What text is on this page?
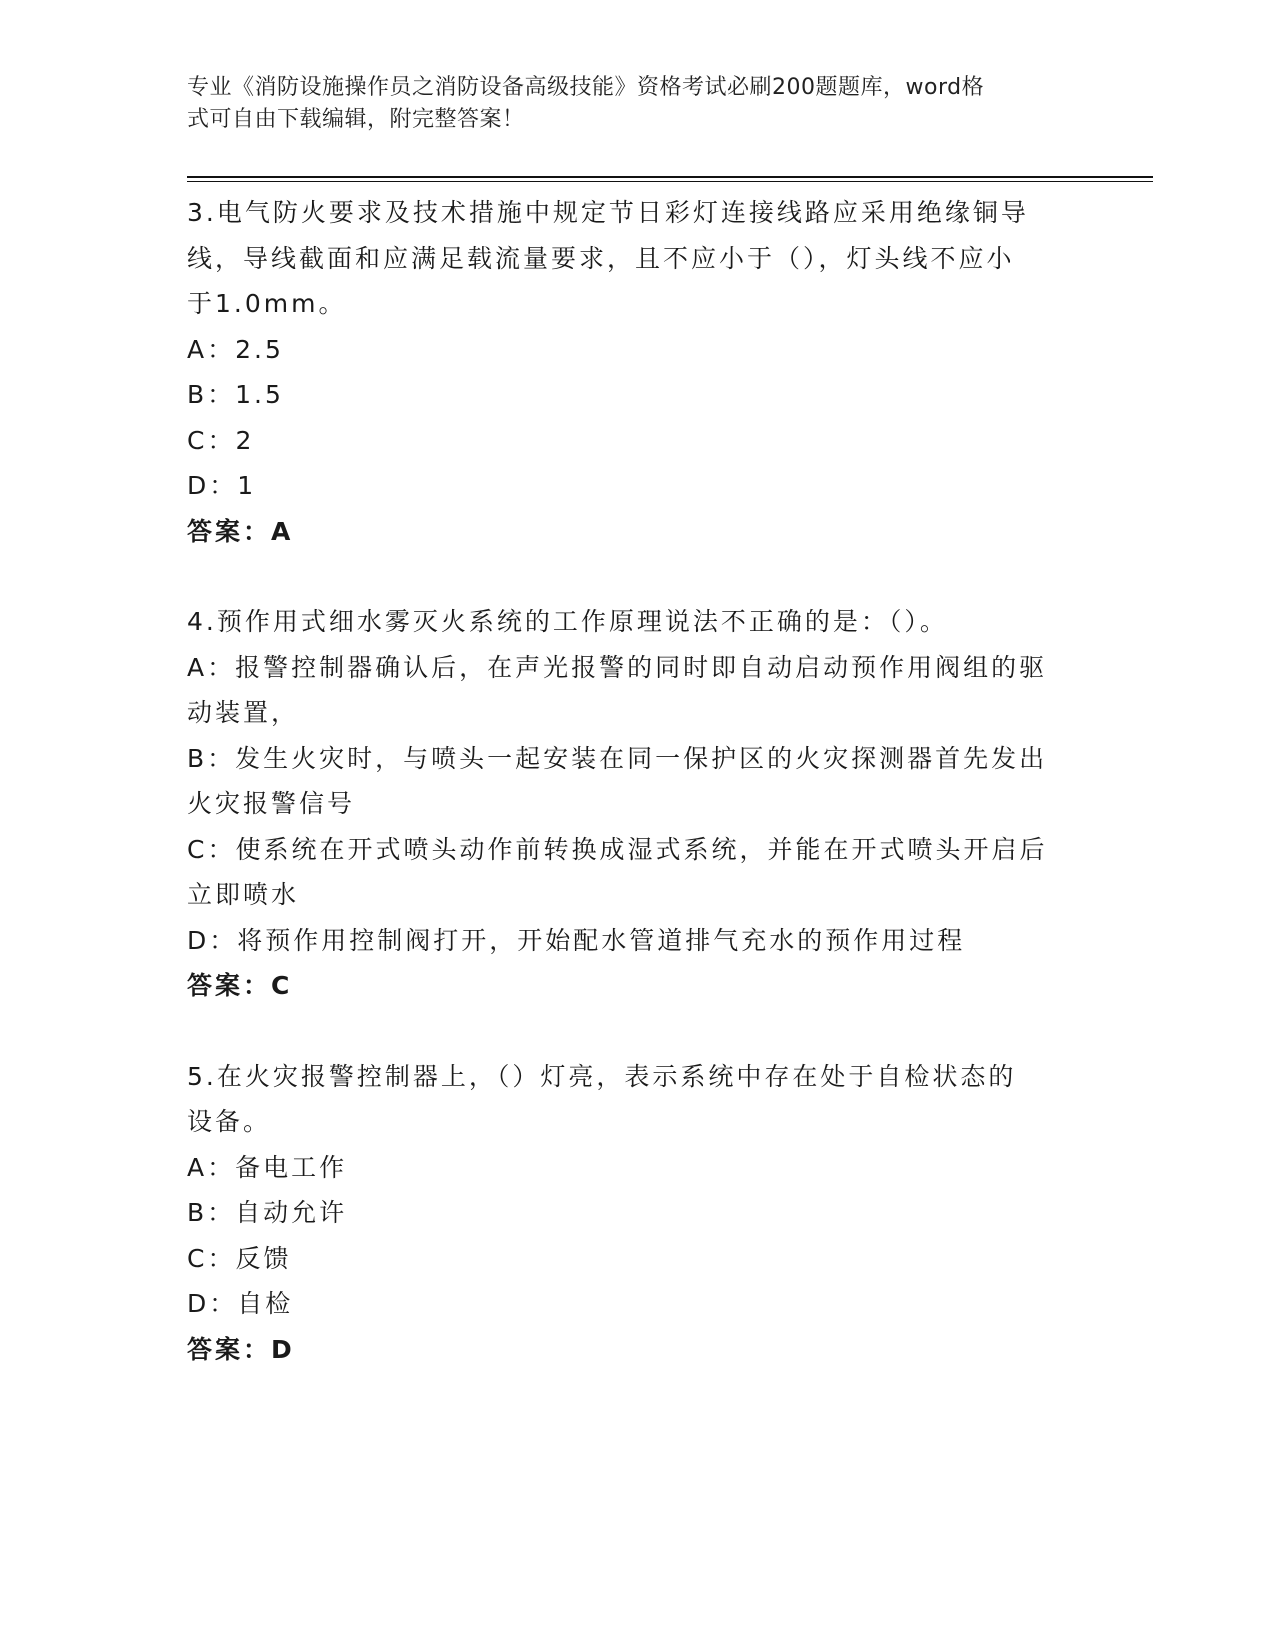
专业《消防设施操作员之消防设备高级技能》资格考试必刷200题题库，word格
式可自由下载编辑，附完整答案！
3.电气防火要求及技术措施中规定节日彩灯连接线路应采用绝缘铜导
线，导线截面和应满足载流量要求，且不应小于（），灯头线不应小
于1.0mm。
A：2.5
B：1.5
C：2
D：1
答案：A
4.预作用式细水雾灭火系统的工作原理说法不正确的是：（）。
A：报警控制器确认后，在声光报警的同时即自动启动预作用阀组的驱
动装置，
B：发生火灾时，与喷头一起安装在同一保护区的火灾探测器首先发出
火灾报警信号
C：使系统在开式喷头动作前转换成湿式系统，并能在开式喷头开启后
立即喷水
D：将预作用控制阀打开，开始配水管道排气充水的预作用过程
答案：C
5.在火灾报警控制器上，（）灯亮，表示系统中存在处于自检状态的
设备。
A：备电工作
B：自动允许
C：反馈
D：自检
答案：D
